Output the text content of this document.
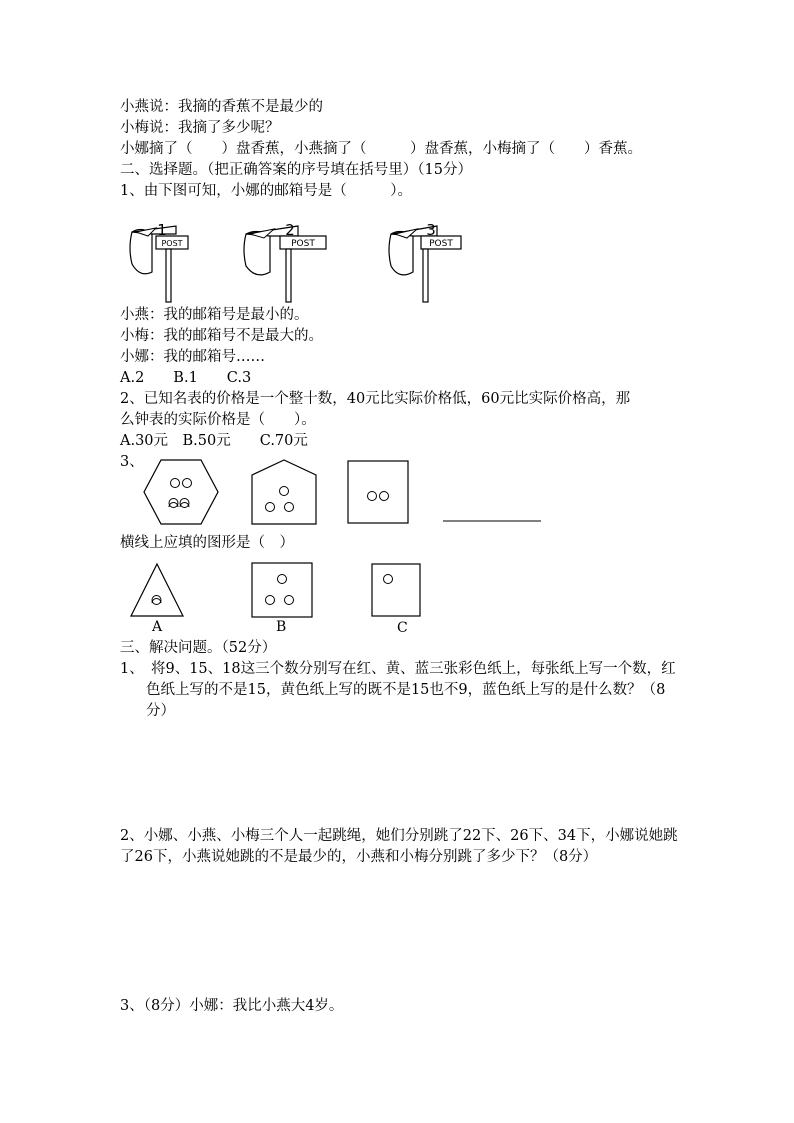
小燕说：我摘的香蕉不是最少的
小梅说：我摘了多少呢？
小娜摘了（　　）盘香蕉，小燕摘了（　　　）盘香蕉，小梅摘了（　　）香蕉。
二、选择题。（把正确答案的序号填在括号里）（15分）
1、由下图可知，小娜的邮箱号是（　　　）。
POST
1
POST
2
POST
3
小燕：我的邮箱号是最小的。
小梅：我的邮箱号不是最大的。
小娜：我的邮箱号……
A.2　　B.1　　C.3
2、已知名表的价格是一个整十数，40元比实际价格低，60元比实际价格高，那
么钟表的实际价格是（　　）。
A.30元　B.50元　　C.70元
3、
横线上应填的图形是（　）
A	B	C
三、解决问题。（52分）
1、　将9、15、18这三个数分别写在红、黄、蓝三张彩色纸上，每张纸上写一个数，红色纸上写的不是15，黄色纸上写的既不是15也不9，蓝色纸上写的是什么数？（8分）
2、小娜、小燕、小梅三个人一起跳绳，她们分别跳了22下、26下、34下，小娜说她跳了26下，小燕说她跳的不是最少的，小燕和小梅分别跳了多少下？（8分）
3、（8分）小娜：我比小燕大4岁。
